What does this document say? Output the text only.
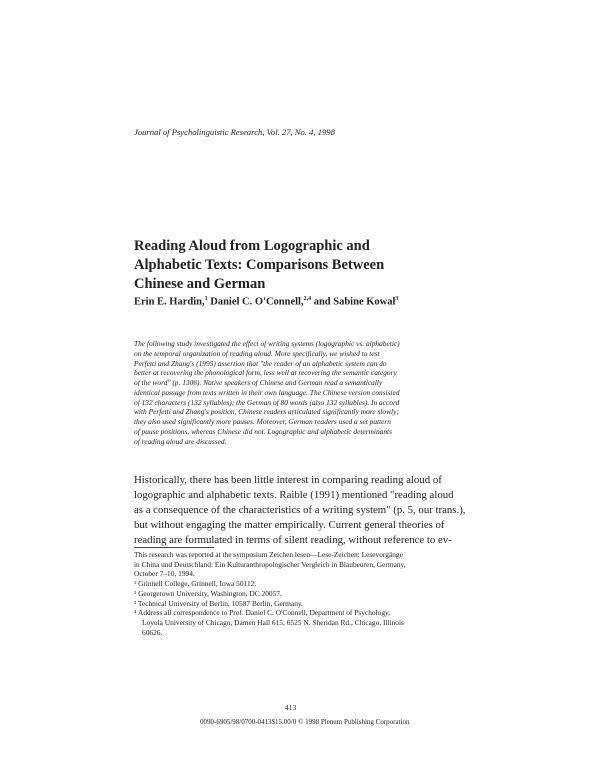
Journal of Psycholinguistic Research, Vol. 27, No. 4, 1998
Reading Aloud from Logographic and
Alphabetic Texts: Comparisons Between
Chinese and German
Erin E. Hardin,$^1$ Daniel C. O'Connell,$^{2,4}$ and Sabine Kowal$^3$
The following study investigated the effect of writing systems (logographic vs. alphabetic)
on the temporal organization of reading aloud. More specifically, we wished to test
Perfetti and Zhang's (1995) assertion that "the reader of an alphabetic system can do
better at recovering the phonological form, less well at recovering the semantic category
of the word" (p. 1306). Native speakers of Chinese and German read a semantically
identical passage from texts written in their own language. The Chinese version consisted
of 132 characters (132 syllables); the German of 80 words (also 132 syllables). In accord
with Perfetti and Zhang's position, Chinese readers articulated significantly more slowly;
they also used significantly more pauses. Moreover, German readers used a set pattern
of pause positions, whereas Chinese did not. Logographic and alphabetic determinants
of reading aloud are discussed.
Historically, there has been little interest in comparing reading aloud of
logographic and alphabetic texts. Raible (1991) mentioned "reading aloud
as a consequence of the characteristics of a writing system" (p. 5, our trans.),
but without engaging the matter empirically. Current general theories of
reading are formulated in terms of silent reading, without reference to ev-
This research was reported at the symposium Zeichen lesen—Lese-Zeichen: Lesevorgänge
in China und Deutschland: Ein Kulturanthropologischer Vergleich in Blaubeuren, Germany,
October 7–10, 1994.
¹ Grinnell College, Grinnell, Iowa 50112.
² Georgetown University, Washington, DC 20057.
³ Technical University of Berlin, 10587 Berlin, Germany.
⁴ Address all correspondence to Prof. Daniel C. O'Connell, Department of Psychology,
Loyola University of Chicago, Damen Hall 615, 6525 N. Sheridan Rd., Chicago, Illinois
60626.
413
0090-6905/98/0700-0413$15.00/0 © 1998 Plenum Publishing Corporation
